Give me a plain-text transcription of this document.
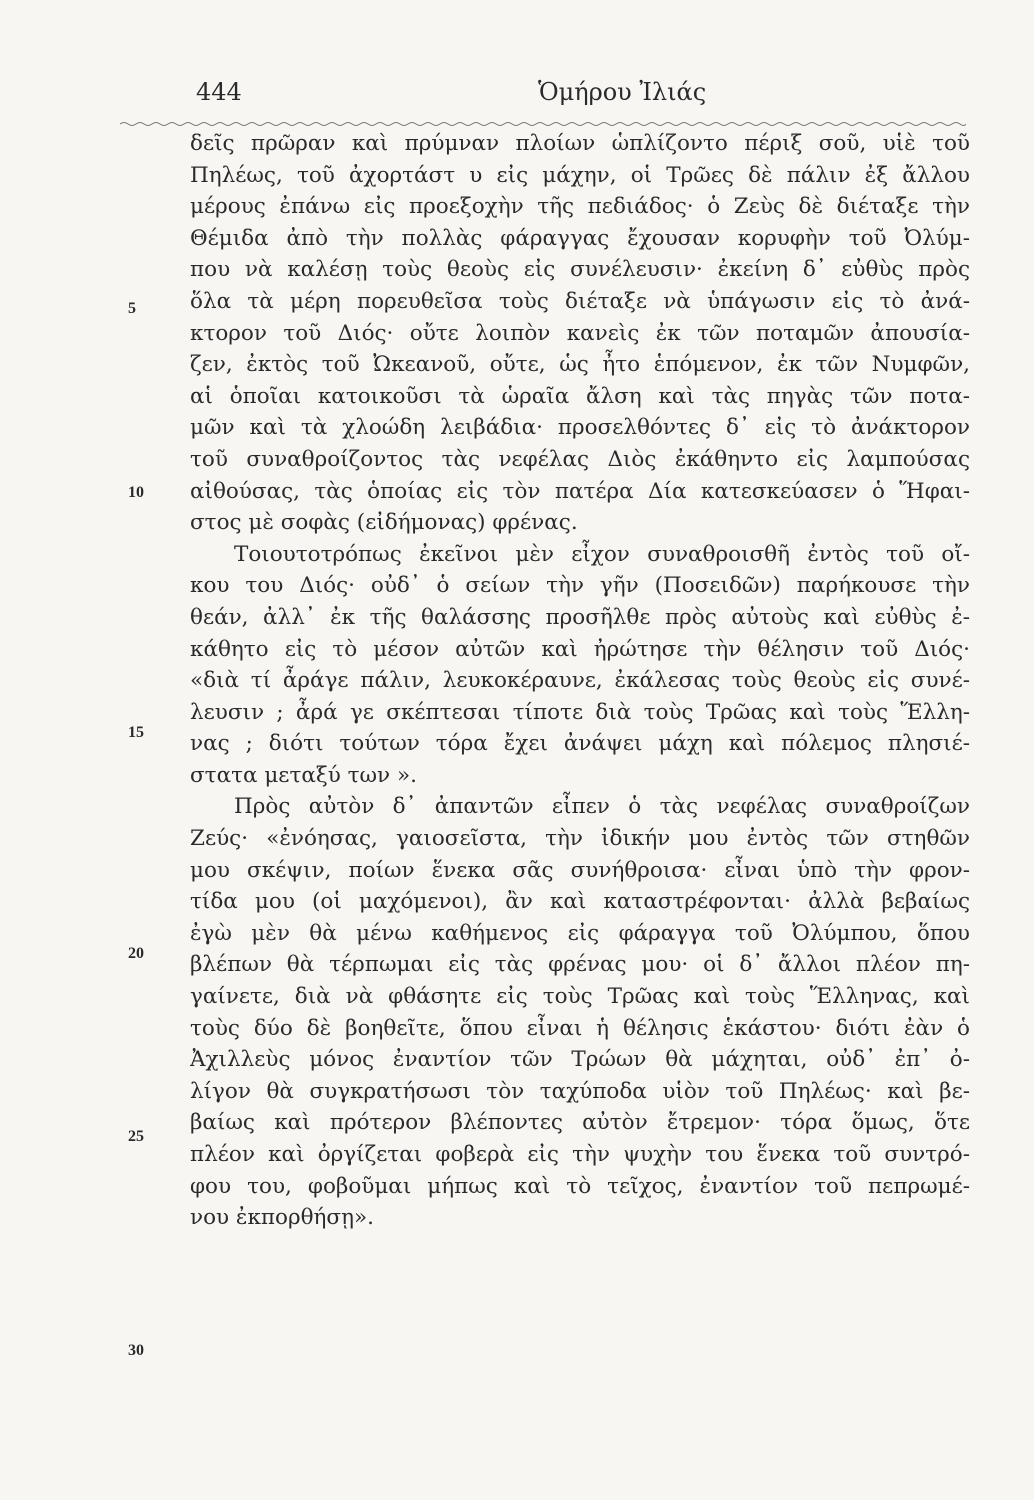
444	Ὁμήρου Ἰλιάς
δεῖς πρῶραν καὶ πρύμναν πλοίων ὡπλίζοντο πέριξ σοῦ, υἱὲ τοῦ
Πηλέως, τοῦ ἀχορτάστ υ εἰς μάχην, οἱ Τρῶες δὲ πάλιν ἐξ ἄλλου
μέρους ἐπάνω εἰς προεξοχὴν τῆς πεδιάδος· ὁ Ζεὺς δὲ διέταξε τὴν
Θέμιδα ἀπὸ τὴν πολλὰς φάραγγας ἔχουσαν κορυφὴν τοῦ Ὀλύμ-
που νὰ καλέσῃ τοὺς θεοὺς εἰς συνέλευσιν· ἐκείνη δ᾿ εὐθὺς πρὸς
ὅλα τὰ μέρη πορευθεῖσα τοὺς διέταξε νὰ ὑπάγωσιν εἰς τὸ ἀνά-
κτορον τοῦ Διός· οὔτε λοιπὸν κανεὶς ἐκ τῶν ποταμῶν ἀπουσία-
ζεν, ἐκτὸς τοῦ Ὠκεανοῦ, οὔτε, ὡς ἦτο ἑπόμενον, ἐκ τῶν Νυμφῶν,
αἱ ὁποῖαι κατοικοῦσι τὰ ὡραῖα ἄλση καὶ τὰς πηγὰς τῶν ποτα-
μῶν καὶ τὰ χλοώδη λειβάδια· προσελθόντες δ᾿ εἰς τὸ ἀνάκτορον
τοῦ συναθροίζοντος τὰς νεφέλας Διὸς ἐκάθηντο εἰς λαμπούσας
αἰθούσας, τὰς ὁποίας εἰς τὸν πατέρα Δία κατεσκεύασεν ὁ Ἥφαι-
στος μὲ σοφὰς (εἰδήμονας) φρένας.
Τοιουτοτρόπως ἐκεῖνοι μὲν εἶχον συναθροισθῆ ἐντὸς τοῦ οἴ-
κου του Διός· οὐδ᾿ ὁ σείων τὴν γῆν (Ποσειδῶν) παρήκουσε τὴν
θεάν, ἀλλ᾿ ἐκ τῆς θαλάσσης προσῆλθε πρὸς αὐτοὺς καὶ εὐθὺς ἐ-
κάθητο εἰς τὸ μέσον αὐτῶν καὶ ἠρώτησε τὴν θέλησιν τοῦ Διός·
«διὰ τί ἆράγε πάλιν, λευκοκέραυνε, ἐκάλεσας τοὺς θεοὺς εἰς συνέ-
λευσιν ; ἆρά γε σκέπτεσαι τίποτε διὰ τοὺς Τρῶας καὶ τοὺς Ἕλλη-
νας ; διότι τούτων τόρα ἔχει ἀνάψει μάχη καὶ πόλεμος πλησιέ-
στατα μεταξύ των ».
Πρὸς αὐτὸν δ᾿ ἀπαντῶν εἶπεν ὁ τὰς νεφέλας συναθροίζων
Ζεύς· «ἐνόησας, γαιοσεῖστα, τὴν ἰδικήν μου ἐντὸς τῶν στηθῶν
μου σκέψιν, ποίων ἕνεκα σᾶς συνήθροισα· εἶναι ὑπὸ τὴν φρον-
τίδα μου (οἱ μαχόμενοι), ἂν καὶ καταστρέφονται· ἀλλὰ βεβαίως
ἐγὼ μὲν θὰ μένω καθήμενος εἰς φάραγγα τοῦ Ὀλύμπου, ὅπου
βλέπων θὰ τέρπωμαι εἰς τὰς φρένας μου· οἱ δ᾿ ἄλλοι πλέον πη-
γαίνετε, διὰ νὰ φθάσητε εἰς τοὺς Τρῶας καὶ τοὺς Ἕλληνας, καὶ
τοὺς δύο δὲ βοηθεῖτε, ὅπου εἶναι ἡ θέλησις ἑκάστου· διότι ἐὰν ὁ
Ἀχιλλεὺς μόνος ἐναντίον τῶν Τρώων θὰ μάχηται, οὐδ᾿ ἐπ᾿ ὀ-
λίγον θὰ συγκρατήσωσι τὸν ταχύποδα υἱὸν τοῦ Πηλέως· καὶ βε-
βαίως καὶ πρότερον βλέποντες αὐτὸν ἔτρεμον· τόρα ὅμως, ὅτε
πλέον καὶ ὀργίζεται φοβερὰ εἰς τὴν ψυχὴν του ἕνεκα τοῦ συντρό-
φου του, φοβοῦμαι μήπως καὶ τὸ τεῖχος, ἐναντίον τοῦ πεπρωμέ-
νου ἐκπορθήσῃ».
5
10
15
20
25
30
